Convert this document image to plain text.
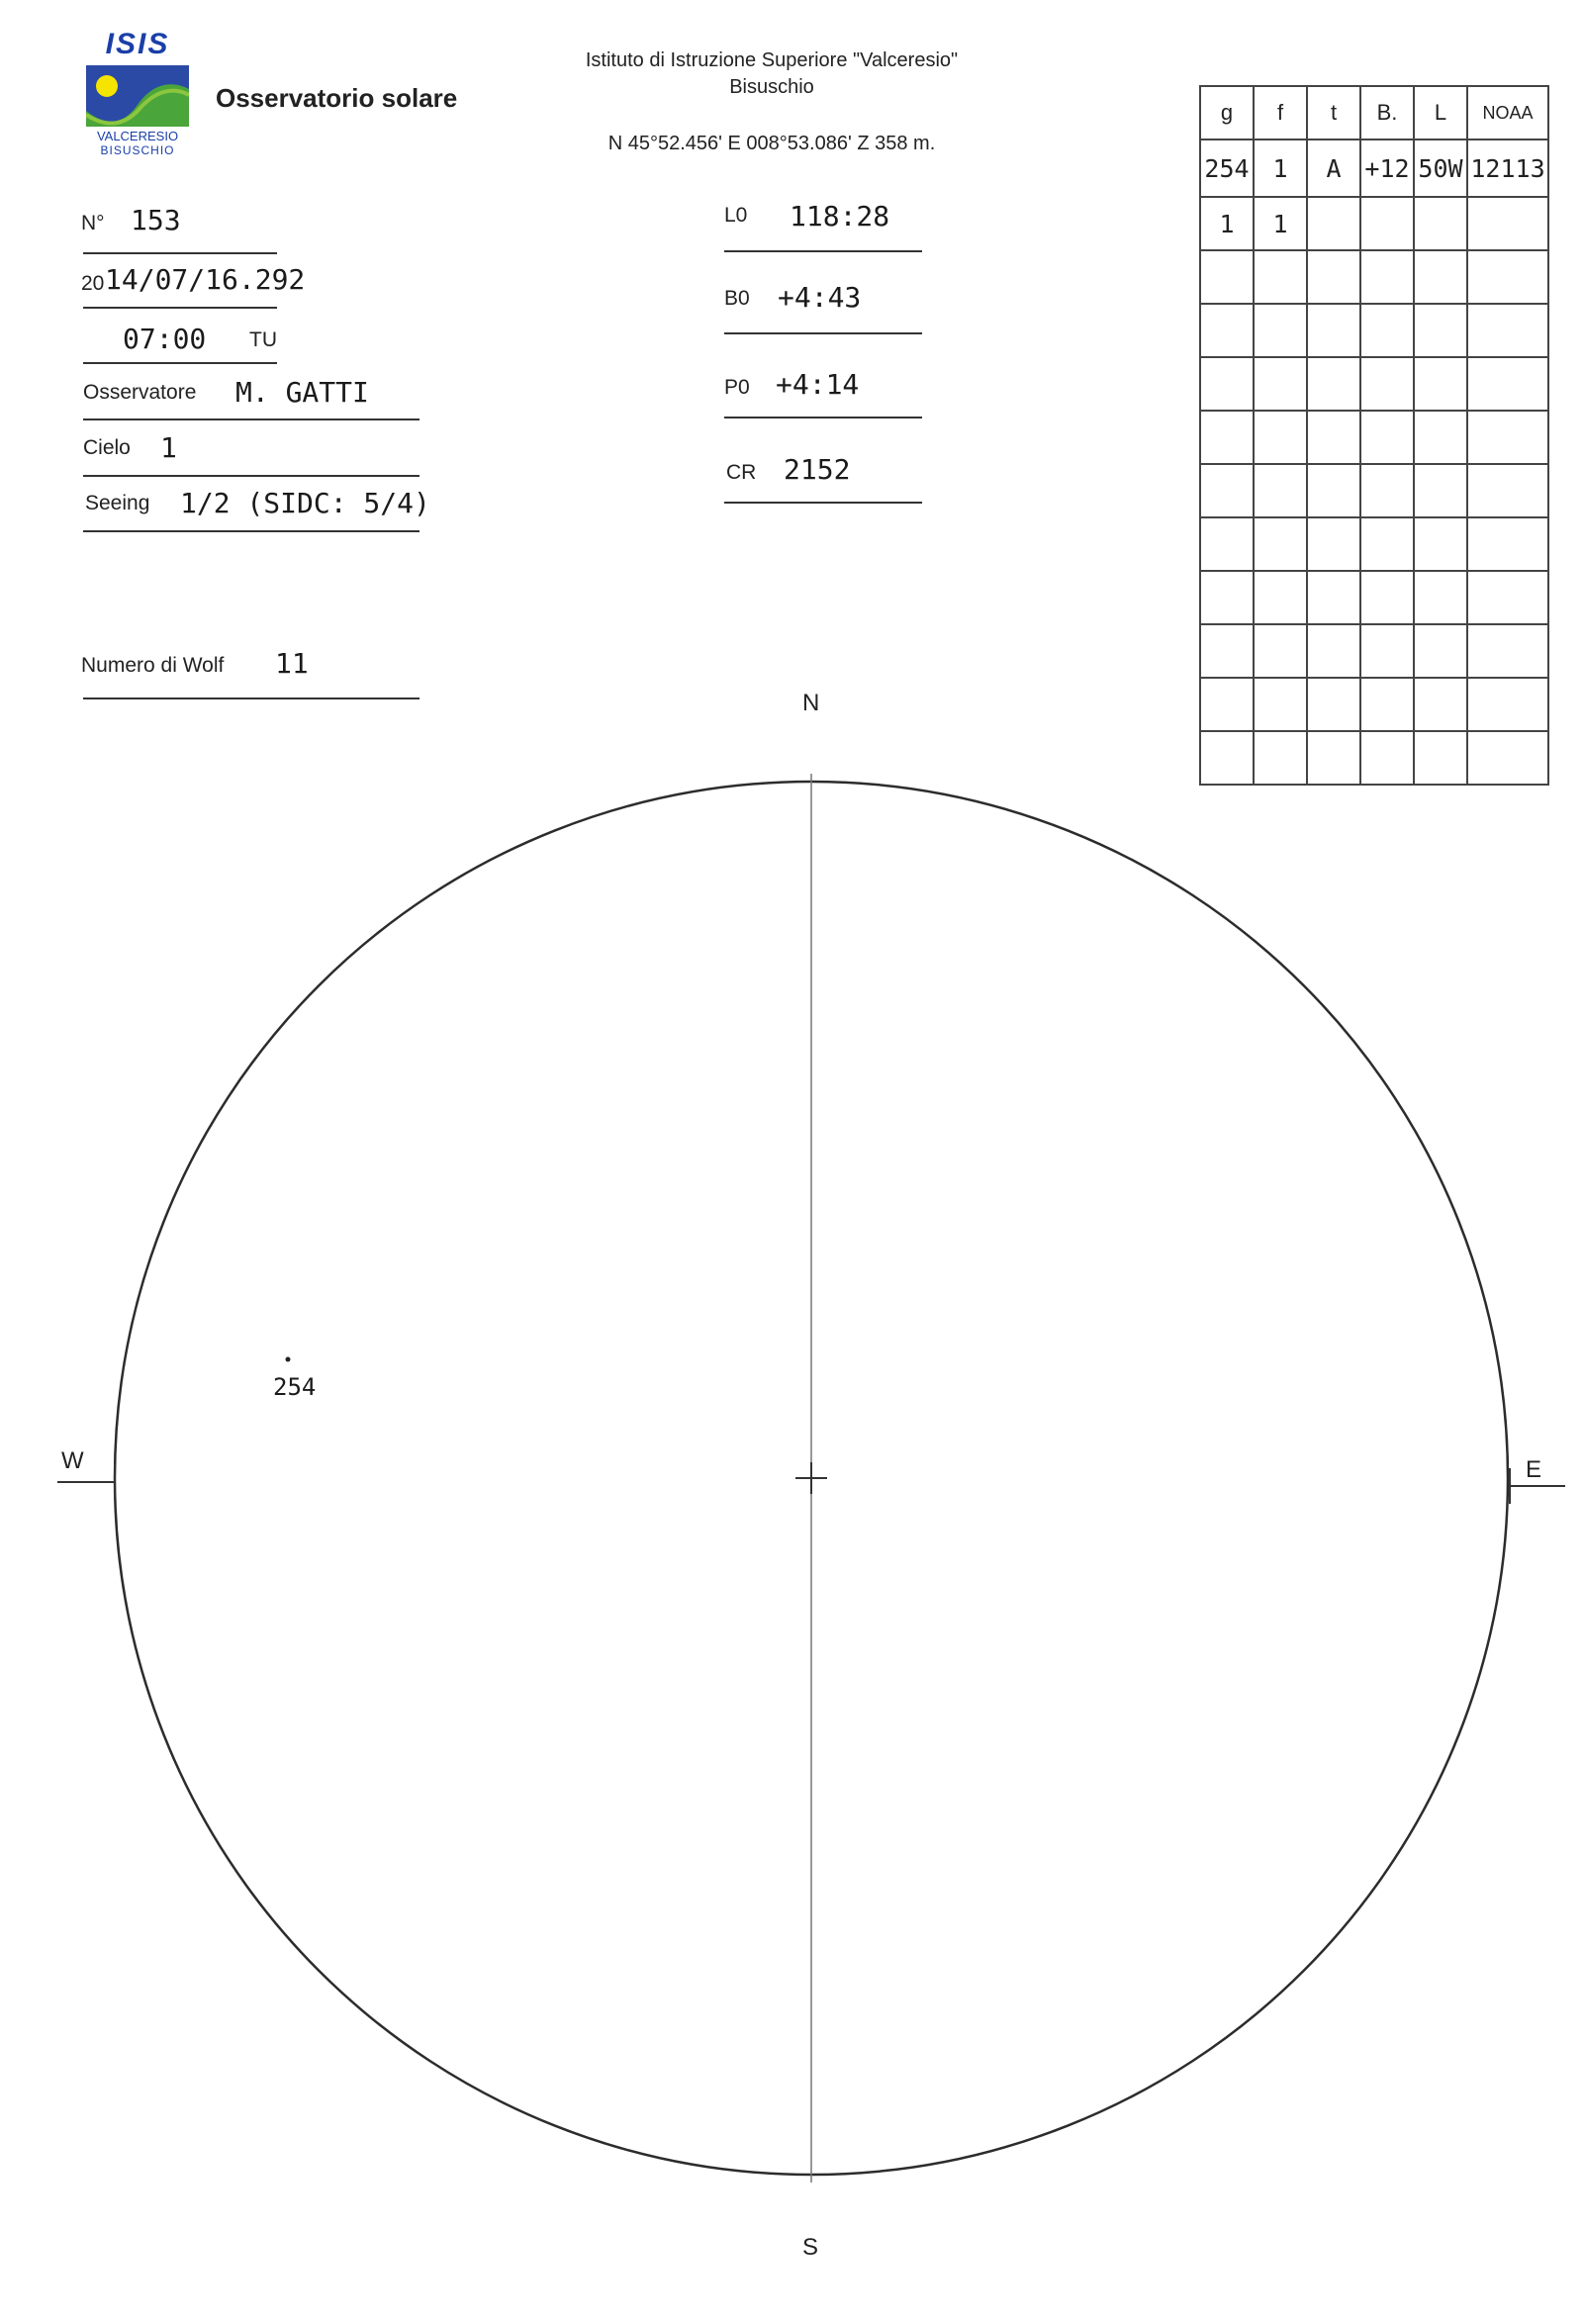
ISIS
VALCERESIO
BISUSCHIO
Osservatorio solare
Istituto di Istruzione Superiore "Valceresio"
Bisuschio
N 45°52.456' E 008°53.086' Z 358 m.
N° 153
20 14/07/16.292
07:00 TU
Osservatore M. GATTI
Cielo 1
Seeing 1/2 (SIDC: 5/4)
Numero di Wolf 11
L0 118:28
B0 +4:43
P0 +4:14
CR 2152
g	f	t	B.	L	NOAA
254	1	A	+12	50W	12113
1	1				

N
S
W	E
254
